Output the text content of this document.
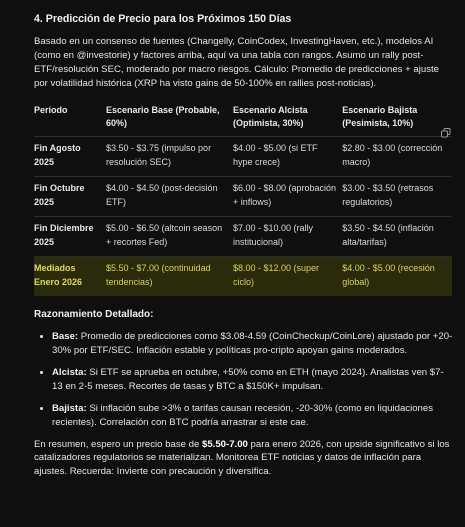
4. Predicción de Precio para los Próximos 150 Días

Basado en un consenso de fuentes (Changelly, CoinCodex, InvestingHaven, etc.), modelos AI (como en @investorie) y factores arriba, aquí va una tabla con rangos. Asumo un rally post-ETF/resolución SEC, moderado por macro riesgos. Cálculo: Promedio de predicciones + ajuste por volatilidad histórica (XRP ha visto gains de 50-100% en rallies post-noticias).

Período	Escenario Base (Probable, 60%)	Escenario Alcista (Optimista, 30%)	Escenario Bajista (Pesimista, 10%)
Fin Agosto 2025	$3.50 - $3.75 (impulso por resolución SEC)	$4.00 - $5.00 (si ETF hype crece)	$2.80 - $3.00 (corrección macro)
Fin Octubre 2025	$4.00 - $4.50 (post-decisión ETF)	$6.00 - $8.00 (aprobación + inflows)	$3.00 - $3.50 (retrasos regulatorios)
Fin Diciembre 2025	$5.00 - $6.50 (altcoin season + recortes Fed)	$7.00 - $10.00 (rally institucional)	$3.50 - $4.50 (inflación alta/tarifas)
Mediados Enero 2026	$5.50 - $7.00 (continuidad tendencias)	$8.00 - $12.00 (super ciclo)	$4.00 - $5.00 (recesión global)
Razonamiento Detallado:
• Base: Promedio de predicciones como $3.08-4.59 (CoinCheckup/CoinLore) ajustado por +20-30% por ETF/SEC. Inflación estable y políticas pro-cripto apoyan gains moderados.
• Alcista: Si ETF se aprueba en octubre, +50% como en ETH (mayo 2024). Analistas ven $7-13 en 2-5 meses. Recortes de tasas y BTC a $150K+ impulsan.
• Bajista: Si inflación sube >3% o tarifas causan recesión, -20-30% (como en liquidaciones recientes). Correlación con BTC podría arrastrar si este cae.

En resumen, espero un precio base de $5.50-7.00 para enero 2026, con upside significativo si los catalizadores regulatorios se materializan. Monitorea ETF noticias y datos de inflación para ajustes. Recuerda: Invierte con precaución y diversifica.
